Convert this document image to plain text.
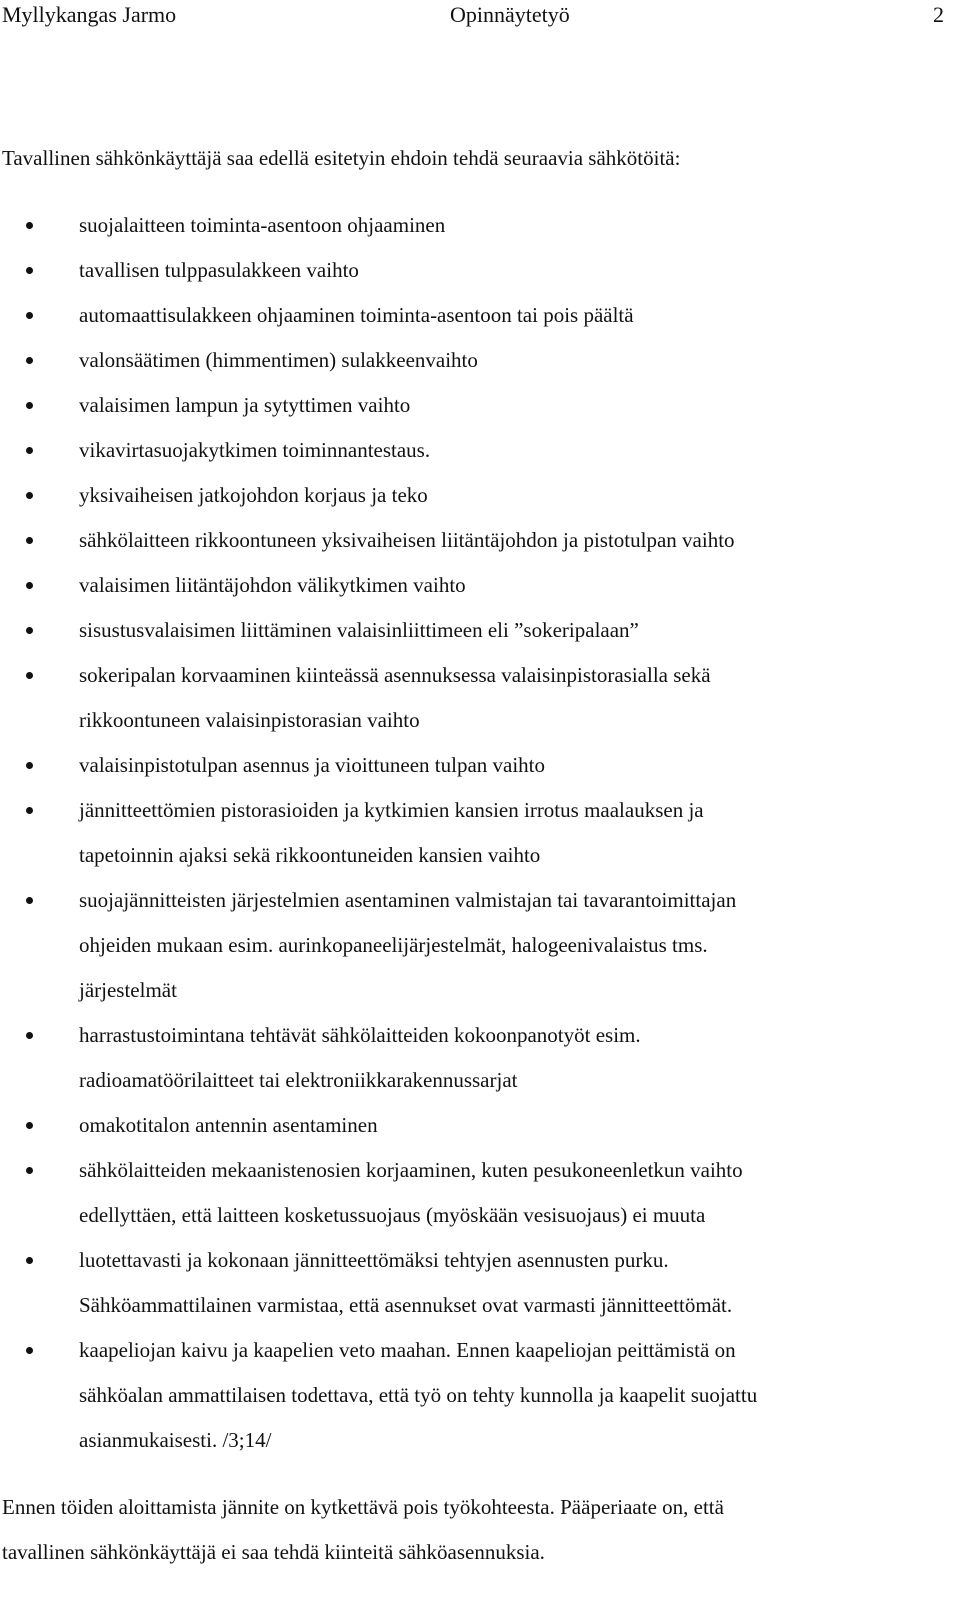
Myllykangas Jarmo	Opinnäytetyö	2

Tavallinen sähkönkäyttäjä saa edellä esitetyin ehdoin tehdä seuraavia sähkötöitä:

suojalaitteen toiminta-asentoon ohjaaminen
tavallisen tulppasulakkeen vaihto
automaattisulakkeen ohjaaminen toiminta-asentoon tai pois päältä
valonsäätimen (himmentimen) sulakkeenvaihto
valaisimen lampun ja sytyttimen vaihto
vikavirtasuojakytkimen toiminnantestaus.
yksivaiheisen jatkojohdon korjaus ja teko
sähkölaitteen rikkoontuneen yksivaiheisen liitäntäjohdon ja pistotulpan vaihto
valaisimen liitäntäjohdon välikytkimen vaihto
sisustusvalaisimen liittäminen valaisinliittimeen eli ”sokeripalaan”
sokeripalan korvaaminen kiinteässä asennuksessa valaisinpistorasialla sekä
rikkoontuneen valaisinpistorasian vaihto
valaisinpistotulpan asennus ja vioittuneen tulpan vaihto
jännitteettömien pistorasioiden ja kytkimien kansien irrotus maalauksen ja
tapetoinnin ajaksi sekä rikkoontuneiden kansien vaihto
suojajännitteisten järjestelmien asentaminen valmistajan tai tavarantoimittajan
ohjeiden mukaan esim. aurinkopaneelijärjestelmät, halogeenivalaistus tms.
järjestelmät
harrastustoimintana tehtävät sähkölaitteiden kokoonpanotyöt esim.
radioamatöörilaitteet tai elektroniikkarakennussarjat
omakotitalon antennin asentaminen
sähkölaitteiden mekaanistenosien korjaaminen, kuten pesukoneenletkun vaihto
edellyttäen, että laitteen kosketussuojaus (myöskään vesisuojaus) ei muuta
luotettavasti ja kokonaan jännitteettömäksi tehtyjen asennusten purku.
Sähköammattilainen varmistaa, että asennukset ovat varmasti jännitteettömät.
kaapeliojan kaivu ja kaapelien veto maahan. Ennen kaapeliojan peittämistä on
sähköalan ammattilaisen todettava, että työ on tehty kunnolla ja kaapelit suojattu
asianmukaisesti. /3;14/

Ennen töiden aloittamista jännite on kytkettävä pois työkohteesta. Pääperiaate on, että
tavallinen sähkönkäyttäjä ei saa tehdä kiinteitä sähköasennuksia.
